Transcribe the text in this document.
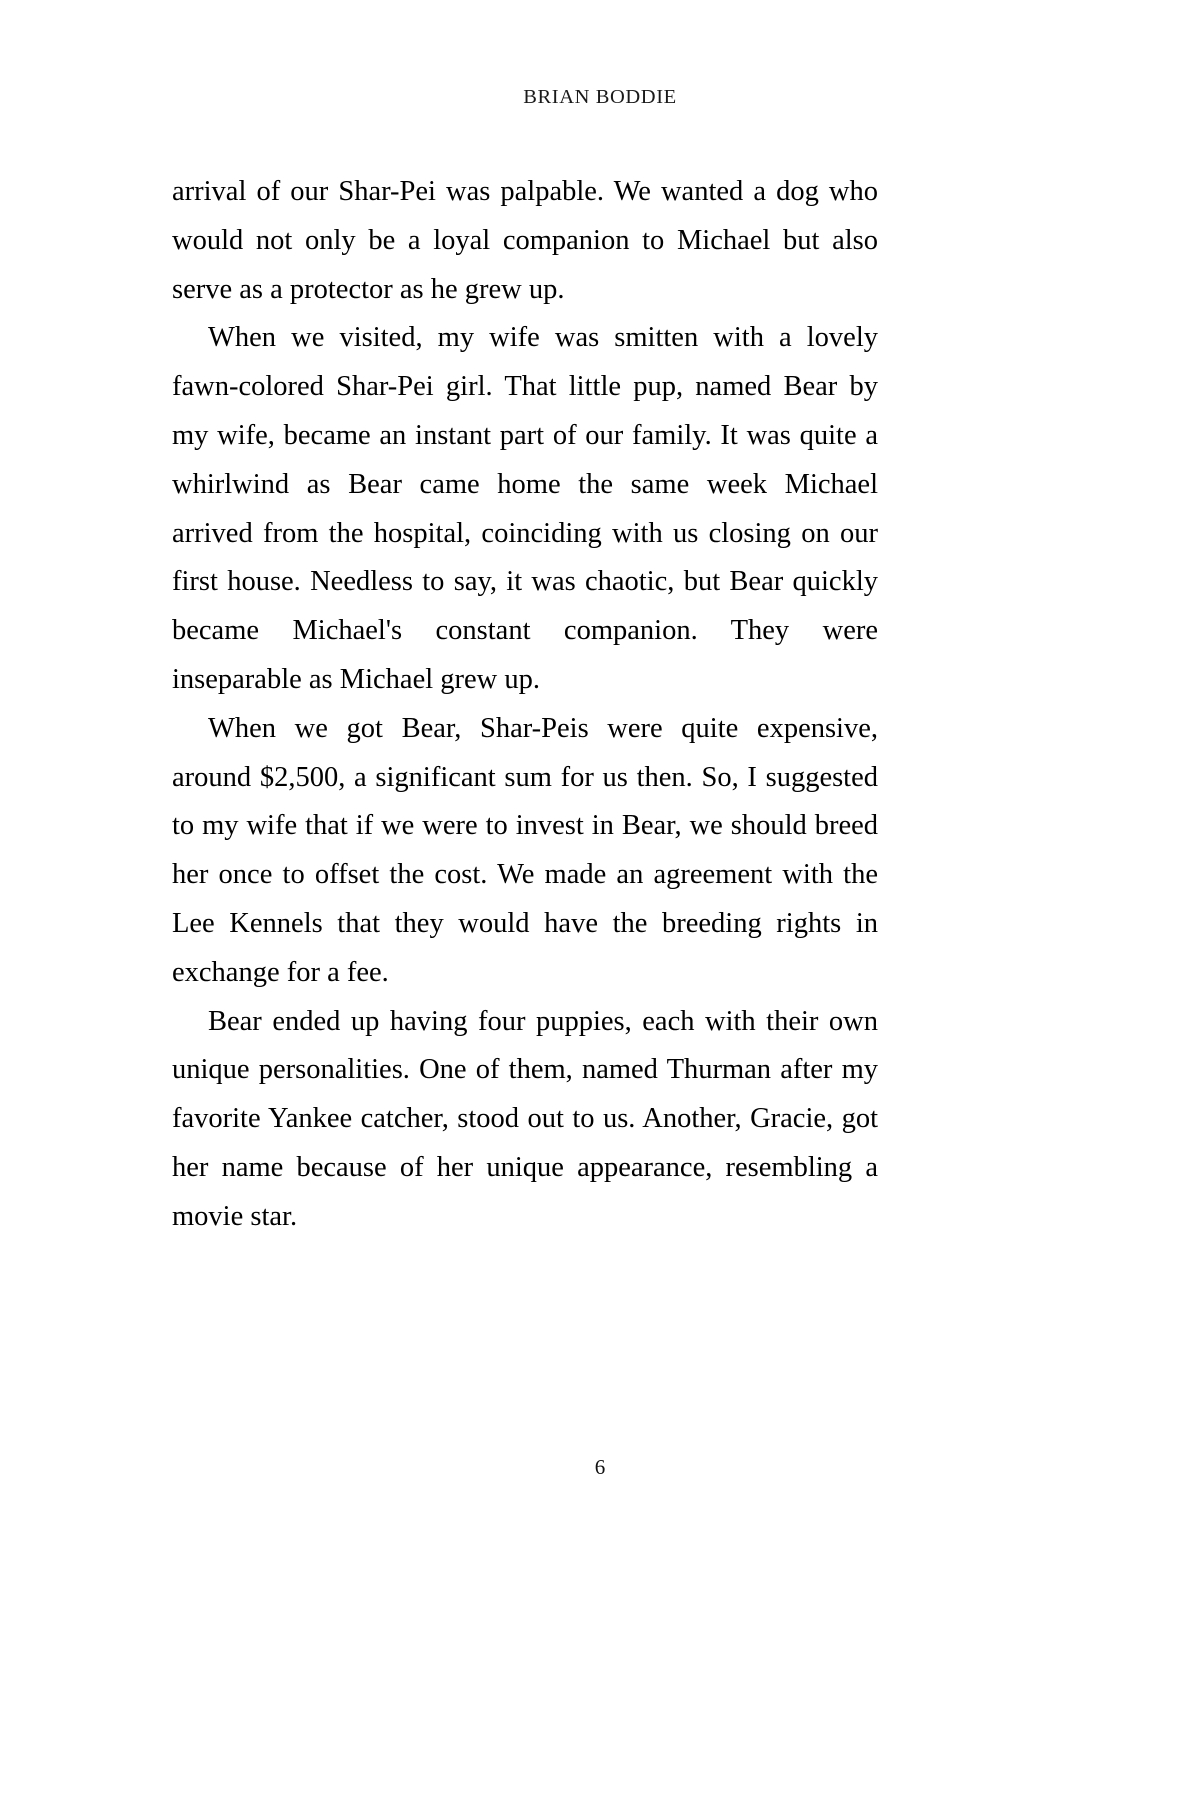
BRIAN BODDIE

arrival of our Shar-Pei was palpable. We wanted a dog who would not only be a loyal companion to Michael but also serve as a protector as he grew up.

When we visited, my wife was smitten with a lovely fawn-colored Shar-Pei girl. That little pup, named Bear by my wife, became an instant part of our family. It was quite a whirlwind as Bear came home the same week Michael arrived from the hospital, coinciding with us closing on our first house. Needless to say, it was chaotic, but Bear quickly became Michael's constant companion. They were inseparable as Michael grew up.

When we got Bear, Shar-Peis were quite expensive, around $2,500, a significant sum for us then. So, I suggested to my wife that if we were to invest in Bear, we should breed her once to offset the cost. We made an agreement with the Lee Kennels that they would have the breeding rights in exchange for a fee.

Bear ended up having four puppies, each with their own unique personalities. One of them, named Thurman after my favorite Yankee catcher, stood out to us. Another, Gracie, got her name because of her unique appearance, resembling a movie star.

6
